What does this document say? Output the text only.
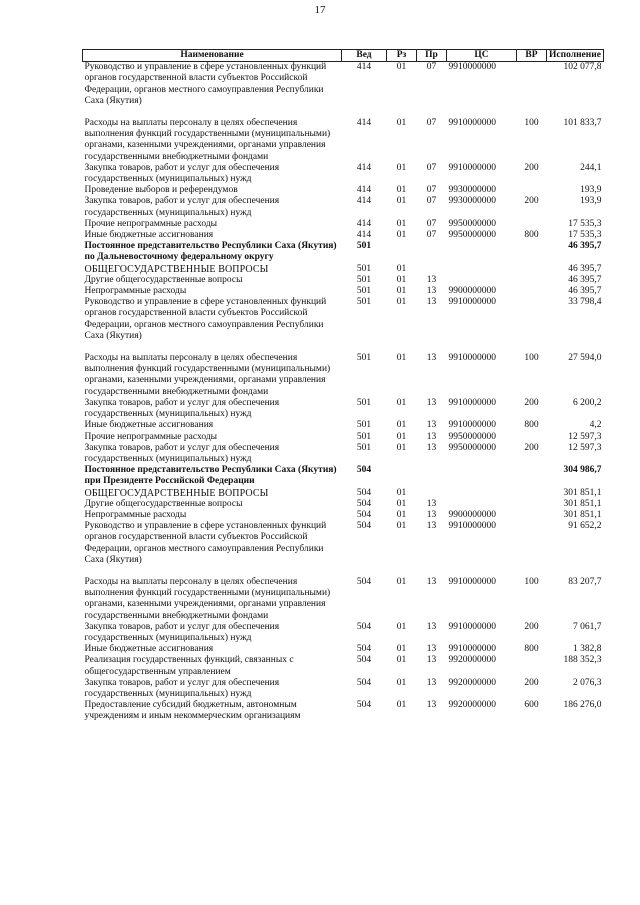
17
Наименование	Вед	Рз	Пр	ЦС	ВР	Исполнение
Руководство и управление в сфере установленных функций органов государственной власти субъектов Российской Федерации, органов местного самоуправления Республики Саха (Якутия)	414	01	07	9910000000		102 077,8

Расходы на выплаты персоналу в целях обеспечения выполнения функций государственными (муниципальными) органами, казенными учреждениями, органами управления государственными внебюджетными фондами	414	01	07	9910000000	100	101 833,7
Закупка товаров, работ и услуг для обеспечения государственных (муниципальных) нужд	414	01	07	9910000000	200	244,1
Проведение выборов и референдумов	414	01	07	9930000000		193,9
Закупка товаров, работ и услуг для обеспечения государственных (муниципальных) нужд	414	01	07	9930000000	200	193,9
Прочие непрограммные расходы	414	01	07	9950000000		17 535,3
Иные бюджетные ассигнования	414	01	07	9950000000	800	17 535,3
Постоянное представительство Республики Саха (Якутия) по Дальневосточному федеральному округу	501					46 395,7
ОБЩЕГОСУДАРСТВЕННЫЕ ВОПРОСЫ	501	01				46 395,7
Другие общегосударственные вопросы	501	01	13			46 395,7
Непрограммные расходы	501	01	13	9900000000		46 395,7
Руководство и управление в сфере установленных функций органов государственной власти субъектов Российской Федерации, органов местного самоуправления Республики Саха (Якутия)	501	01	13	9910000000		33 798,4

Расходы на выплаты персоналу в целях обеспечения выполнения функций государственными (муниципальными) органами, казенными учреждениями, органами управления государственными внебюджетными фондами	501	01	13	9910000000	100	27 594,0
Закупка товаров, работ и услуг для обеспечения государственных (муниципальных) нужд	501	01	13	9910000000	200	6 200,2
Иные бюджетные ассигнования	501	01	13	9910000000	800	4,2
Прочие непрограммные расходы	501	01	13	9950000000		12 597,3
Закупка товаров, работ и услуг для обеспечения государственных (муниципальных) нужд	501	01	13	9950000000	200	12 597,3
Постоянное представительство Республики Саха (Якутия) при Президенте Российской Федерации	504					304 986,7
ОБЩЕГОСУДАРСТВЕННЫЕ ВОПРОСЫ	504	01				301 851,1
Другие общегосударственные вопросы	504	01	13			301 851,1
Непрограммные расходы	504	01	13	9900000000		301 851,1
Руководство и управление в сфере установленных функций органов государственной власти субъектов Российской Федерации, органов местного самоуправления Республики Саха (Якутия)	504	01	13	9910000000		91 652,2

Расходы на выплаты персоналу в целях обеспечения выполнения функций государственными (муниципальными) органами, казенными учреждениями, органами управления государственными внебюджетными фондами	504	01	13	9910000000	100	83 207,7
Закупка товаров, работ и услуг для обеспечения государственных (муниципальных) нужд	504	01	13	9910000000	200	7 061,7
Иные бюджетные ассигнования	504	01	13	9910000000	800	1 382,8
Реализация государственных функций, связанных с общегосударственным управлением	504	01	13	9920000000		188 352,3
Закупка товаров, работ и услуг для обеспечения государственных (муниципальных) нужд	504	01	13	9920000000	200	2 076,3
Предоставление субсидий бюджетным, автономным учреждениям и иным некоммерческим организациям	504	01	13	9920000000	600	186 276,0
